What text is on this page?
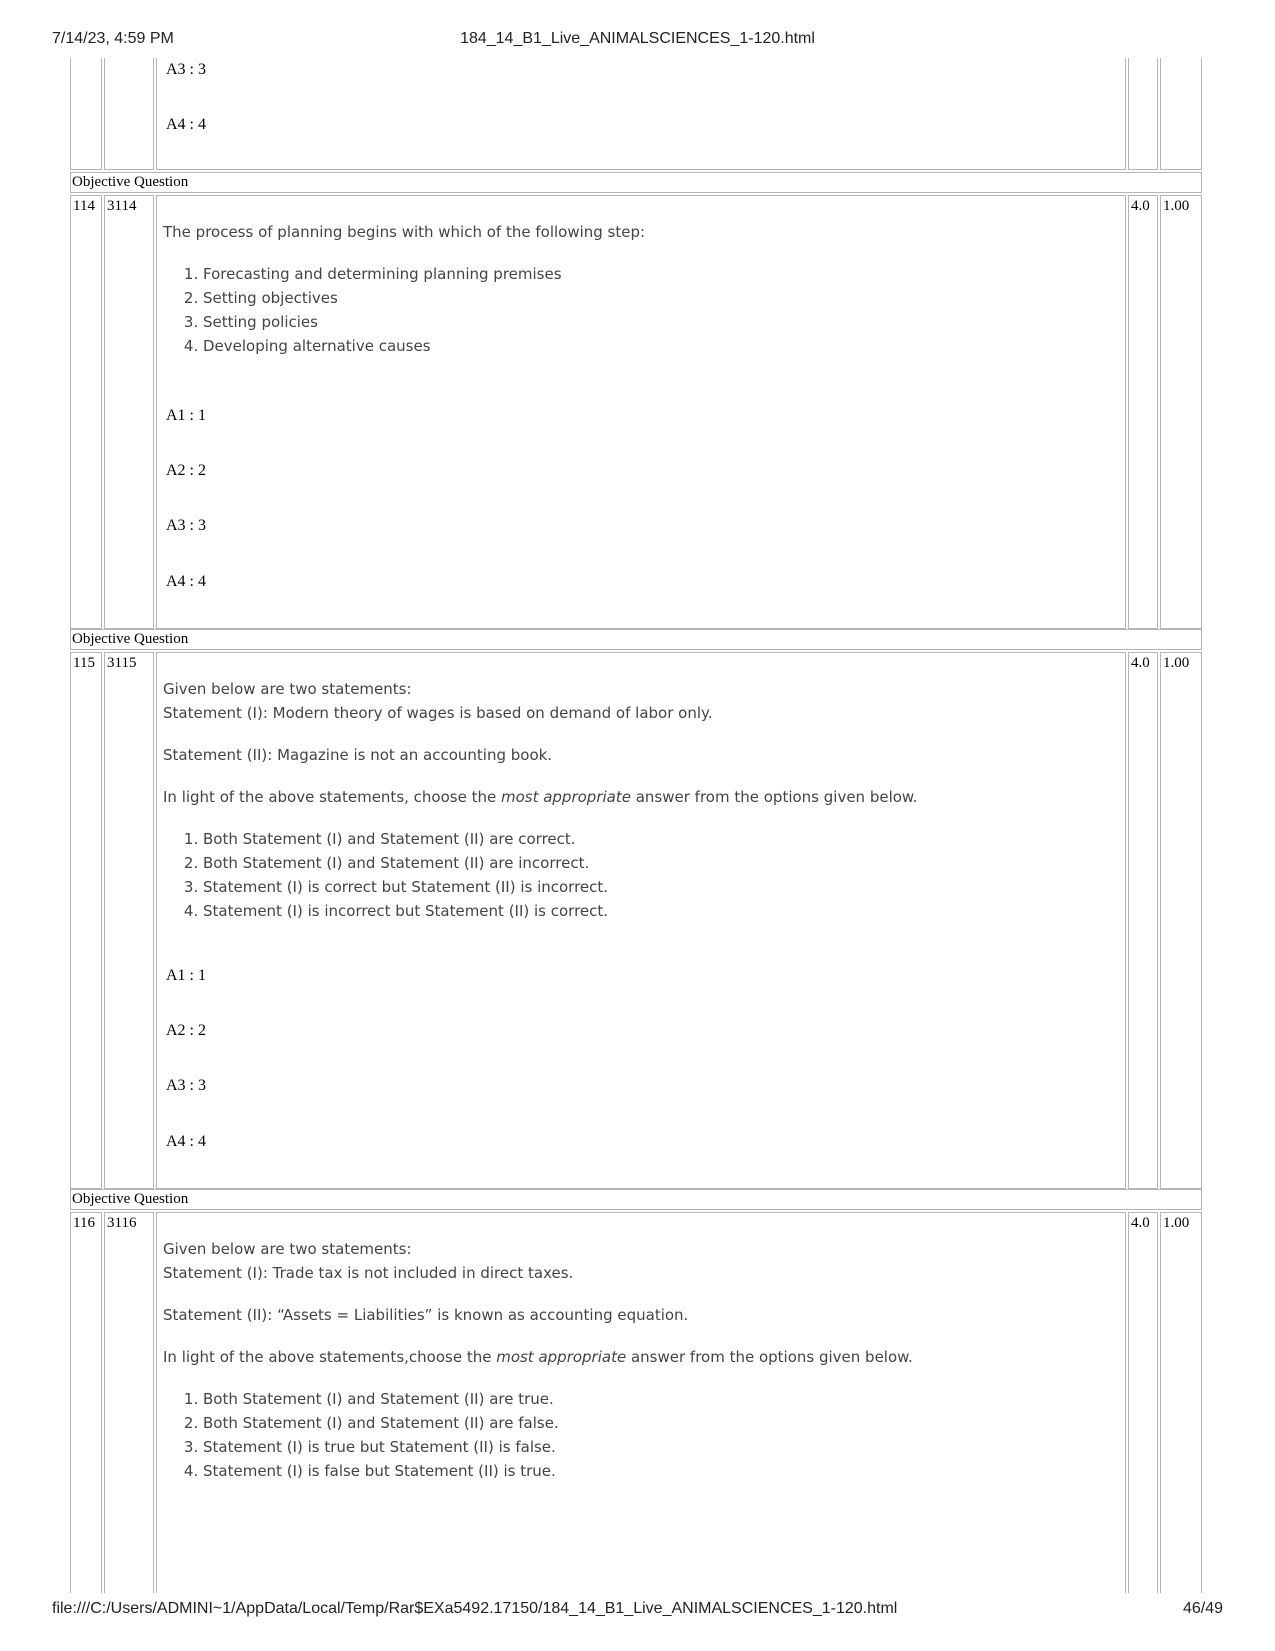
7/14/23, 4:59 PM	184_14_B1_Live_ANIMALSCIENCES_1-120.html
A3 : 3
A4 : 4
Objective Question
114 3114

The process of planning begins with which of the following step:

1. Forecasting and determining planning premises
2. Setting objectives
3. Setting policies
4. Developing alternative causes
A1 : 1
A2 : 2
A3 : 3
A4 : 4
4.0 1.00
Objective Question
115 3115

Given below are two statements:

Statement (I): Modern theory of wages is based on demand of labor only.

Statement (II): Magazine is not an accounting book.

In light of the above statements, choose the most appropriate answer from the options given below.

1. Both Statement (I) and Statement (II) are correct.
2. Both Statement (I) and Statement (II) are incorrect.
3. Statement (I) is correct but Statement (II) is incorrect.
4. Statement (I) is incorrect but Statement (II) is correct.
A1 : 1
A2 : 2
A3 : 3
A4 : 4
4.0 1.00
Objective Question
116 3116

Given below are two statements:

Statement (I): Trade tax is not included in direct taxes.

Statement (II): “Assets = Liabilities” is known as accounting equation.

In light of the above statements,choose the most appropriate answer from the options given below.

1. Both Statement (I) and Statement (II) are true.
2. Both Statement (I) and Statement (II) are false.
3. Statement (I) is true but Statement (II) is false.
4. Statement (I) is false but Statement (II) is true.
4.0 1.00
file:///C:/Users/ADMINI~1/AppData/Local/Temp/Rar$EXa5492.17150/184_14_B1_Live_ANIMALSCIENCES_1-120.html	46/49
